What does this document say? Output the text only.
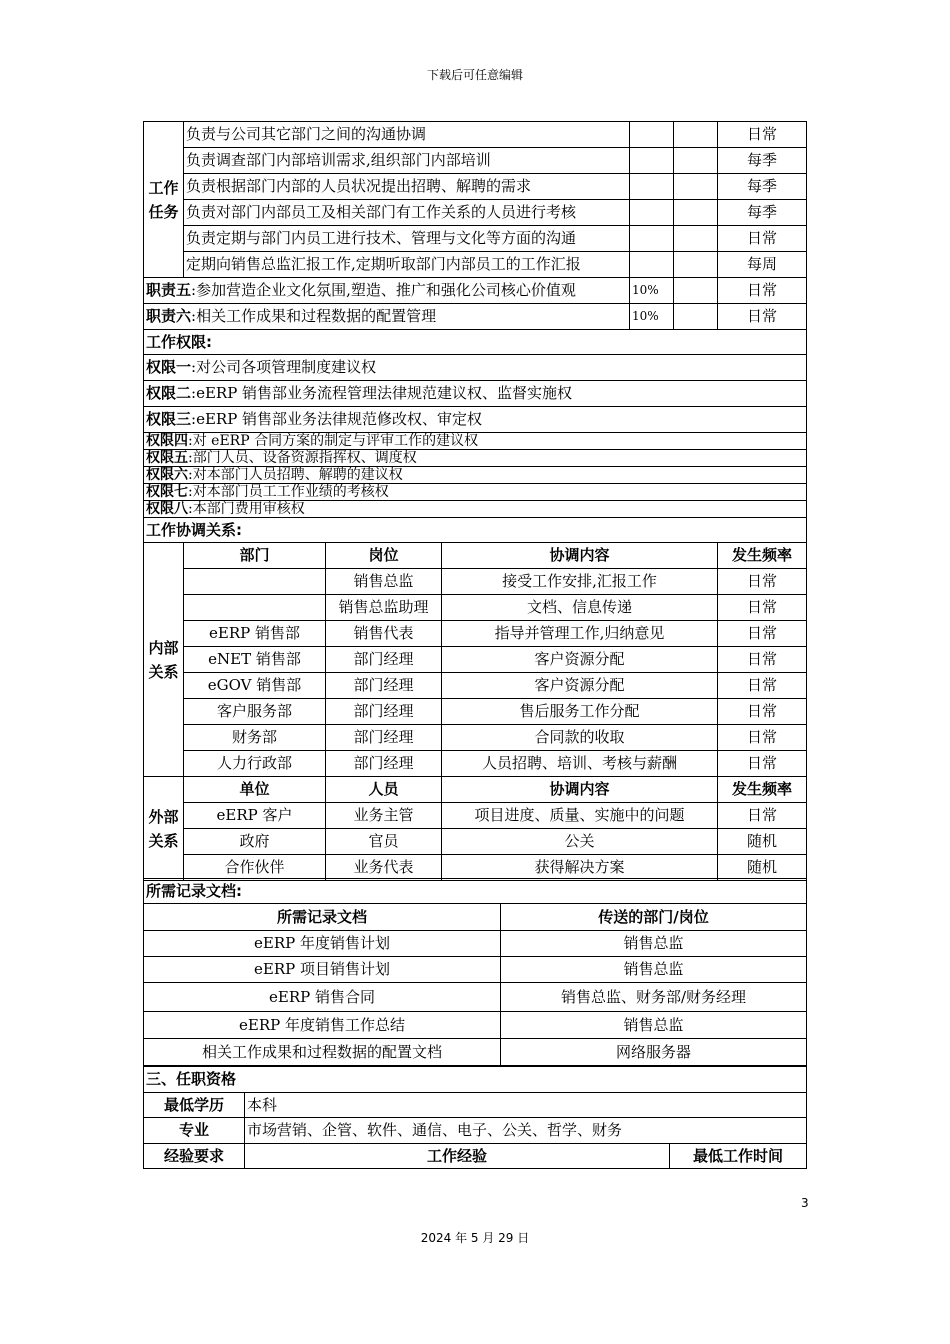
下载后可任意编辑
工作任务	负责与公司其它部门之间的沟通协调					日常
	负责调查部门内部培训需求,组织部门内部培训					每季
	负责根据部门内部的人员状况提出招聘、解聘的需求					每季
	负责对部门内部员工及相关部门有工作关系的人员进行考核					每季
	负责定期与部门内员工进行技术、管理与文化等方面的沟通					日常
	定期向销售总监汇报工作,定期听取部门内部员工的工作汇报					每周
职责五:参加营造企业文化氛围,塑造、推广和强化公司核心价值观				10%		日常
职责六:相关工作成果和过程数据的配置管理				10%		日常
工作权限:						
权限一:对公司各项管理制度建议权						
权限二:eERP 销售部业务流程管理法律规范建议权、监督实施权						
权限三:eERP 销售部业务法律规范修改权、审定权						
权限四:对 eERP 合同方案的制定与评审工作的建议权						
权限五:部门人员、设备资源指挥权、调度权						
权限六:对本部门人员招聘、解聘的建议权						
权限七:对本部门员工工作业绩的考核权						
权限八:本部门费用审核权						
工作协调关系:						
内部关系	部门	岗位	协调内容			发生频率
		销售总监	接受工作安排,汇报工作			日常
		销售总监助理	文档、信息传递			日常
	eERP 销售部	销售代表	指导并管理工作,归纳意见			日常
	eNET 销售部	部门经理	客户资源分配			日常
	eGOV 销售部	部门经理	客户资源分配			日常
	客户服务部	部门经理	售后服务工作分配			日常
	财务部	部门经理	合同款的收取			日常
	人力行政部	部门经理	人员招聘、培训、考核与薪酬			日常
外部关系	单位	人员	协调内容			发生频率
	eERP 客户	业务主管	项目进度、质量、实施中的问题			日常
	政府	官员	公关			随机
	合作伙伴	业务代表	获得解决方案			随机
所需记录文档:	
所需记录文档	传送的部门/岗位
eERP 年度销售计划	销售总监
eERP 项目销售计划	销售总监
eERP 销售合同	销售总监、财务部/财务经理
eERP 年度销售工作总结	销售总监
相关工作成果和过程数据的配置文档	网络服务器
三、任职资格		
最低学历	本科	
专业	市场营销、企管、软件、通信、电子、公关、哲学、财务	
经验要求	工作经验	最低工作时间
3
2024 年 5 月 29 日
